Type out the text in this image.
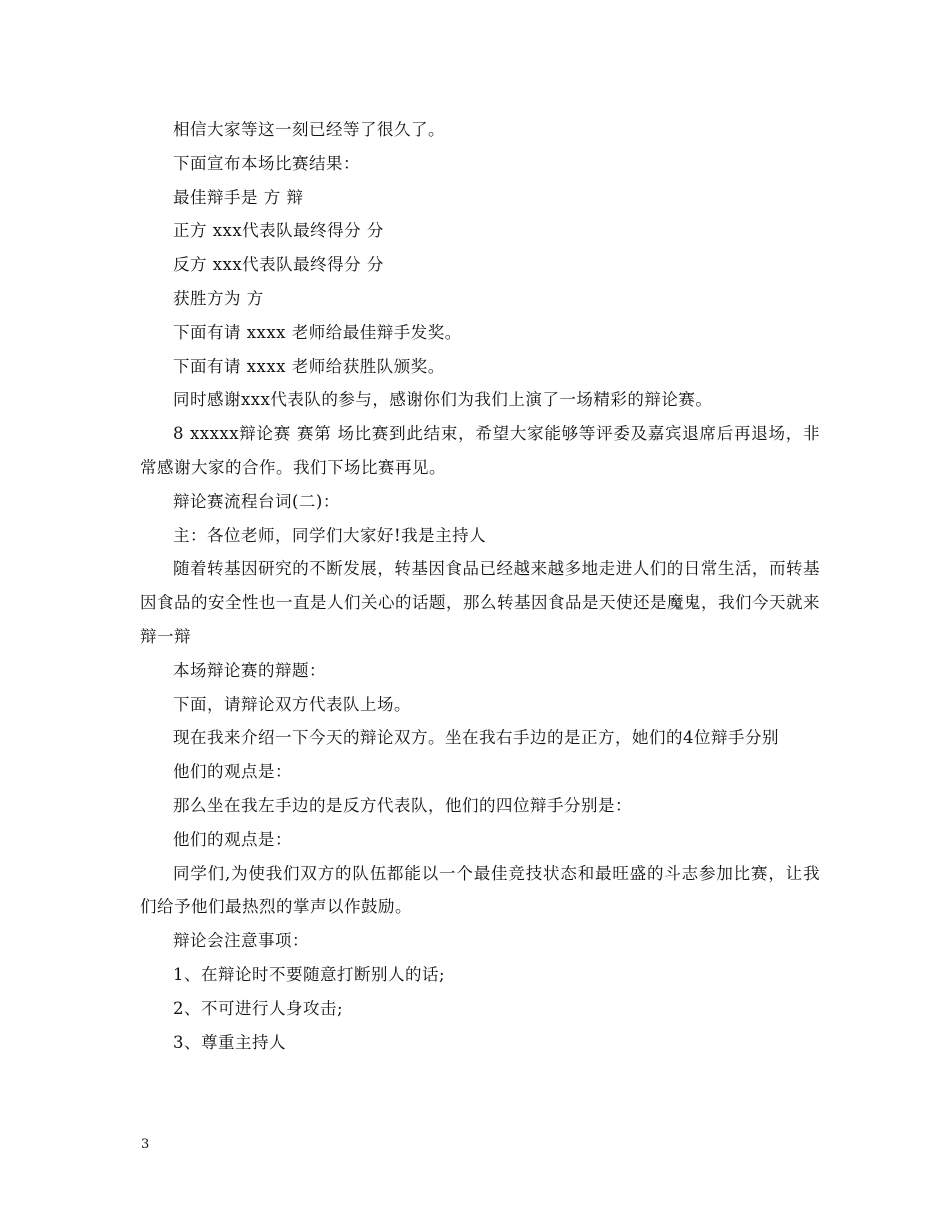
相信大家等这一刻已经等了很久了。

下面宣布本场比赛结果：

最佳辩手是 方 辩

正方 xxx代表队最终得分 分

反方 xxx代表队最终得分 分

获胜方为 方

下面有请 xxxx 老师给最佳辩手发奖。

下面有请 xxxx 老师给获胜队颁奖。

同时感谢xxx代表队的参与，感谢你们为我们上演了一场精彩的辩论赛。

8 xxxxx辩论赛 赛第 场比赛到此结束，希望大家能够等评委及嘉宾退席后再退场，非常感谢大家的合作。我们下场比赛再见。

辩论赛流程台词(二)：

主：各位老师，同学们大家好!我是主持人

随着转基因研究的不断发展，转基因食品已经越来越多地走进人们的日常生活，而转基因食品的安全性也一直是人们关心的话题，那么转基因食品是天使还是魔鬼，我们今天就来辩一辩

本场辩论赛的辩题：

下面，请辩论双方代表队上场。

现在我来介绍一下今天的辩论双方。坐在我右手边的是正方，她们的4位辩手分别

他们的观点是：

那么坐在我左手边的是反方代表队，他们的四位辩手分别是：

他们的观点是：

同学们,为使我们双方的队伍都能以一个最佳竞技状态和最旺盛的斗志参加比赛，让我们给予他们最热烈的掌声以作鼓励。

辩论会注意事项：

1、在辩论时不要随意打断别人的话;

2、不可进行人身攻击;

3、尊重主持人

3
